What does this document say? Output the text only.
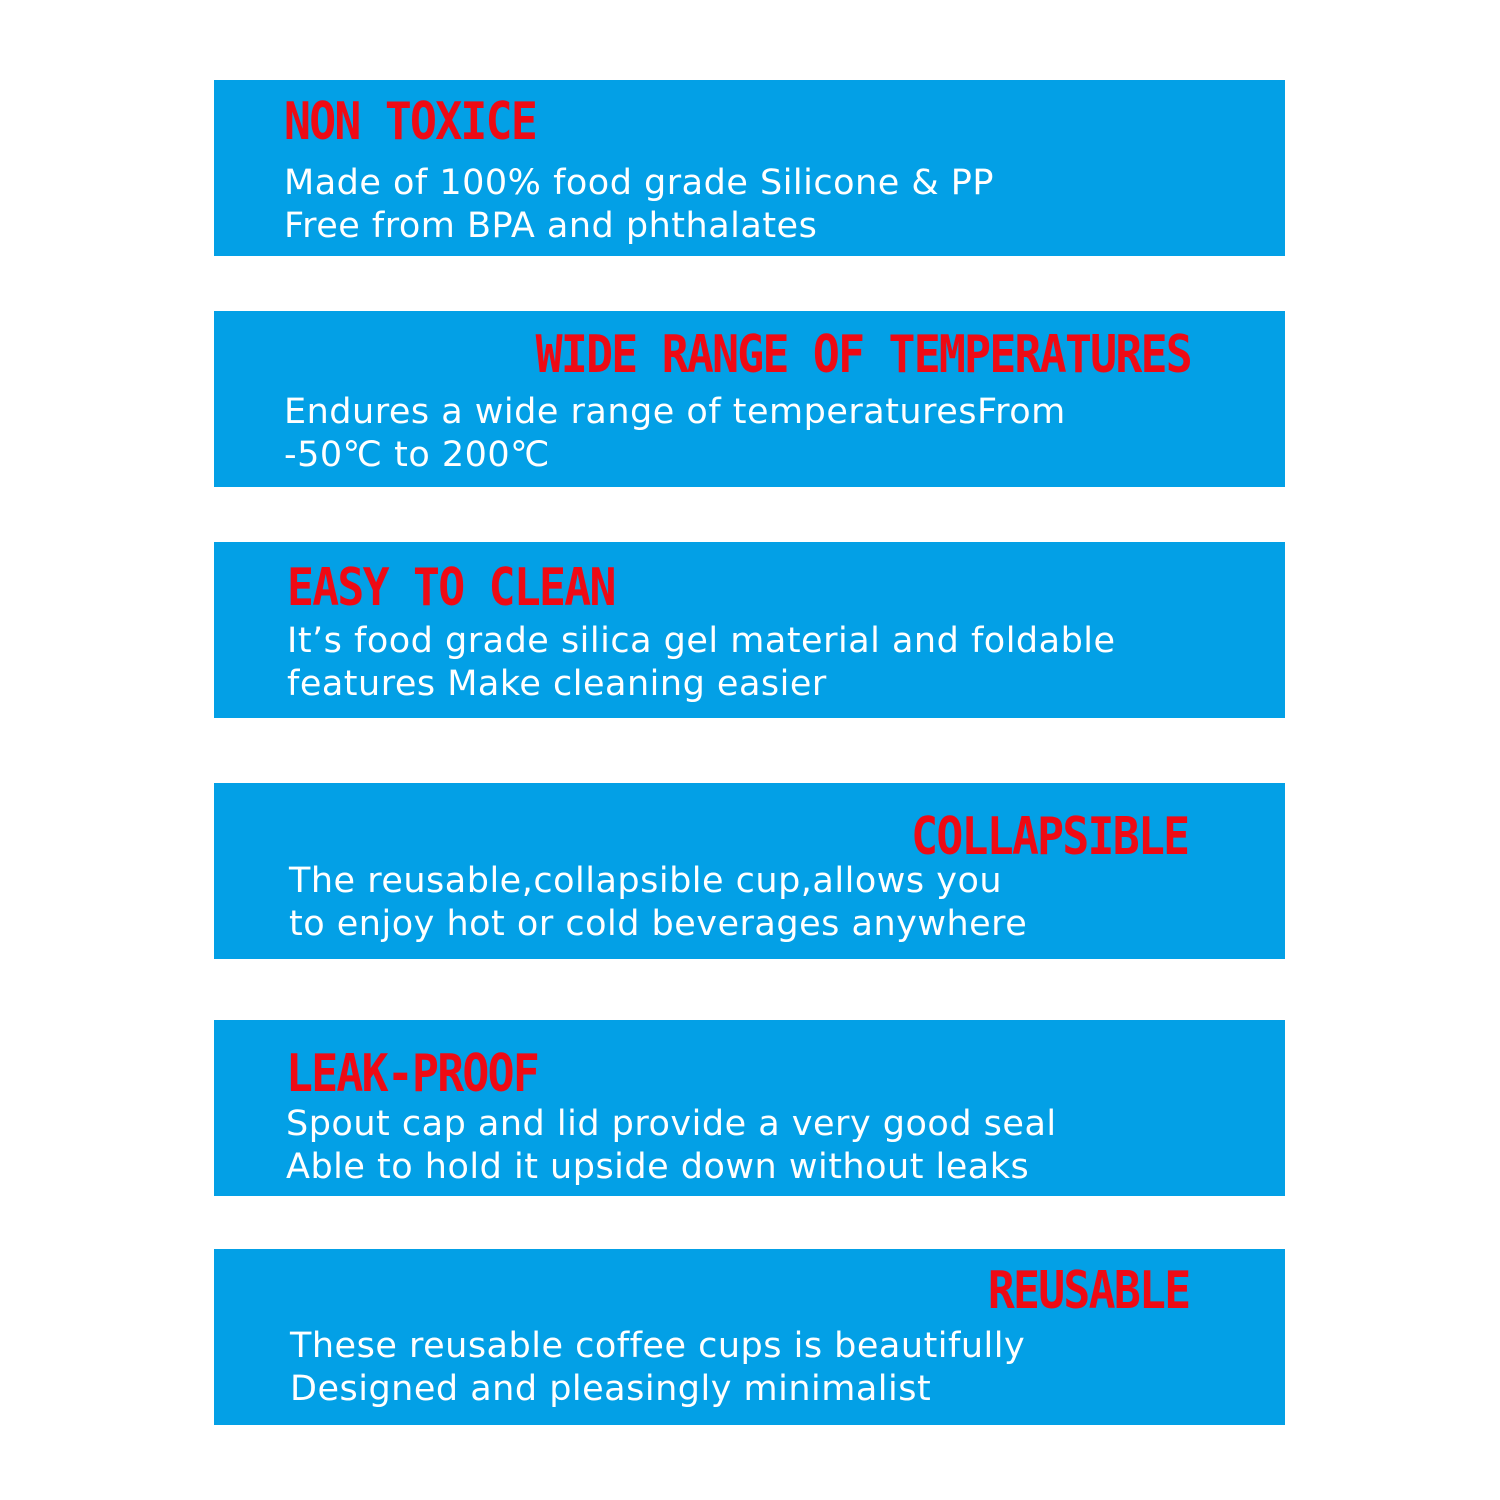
NON TOXICE
Made of 100% food grade Silicone & PP
Free from BPA and phthalates
WIDE RANGE OF TEMPERATURES
Endures a wide range of temperaturesFrom
-50℃ to 200℃
EASY TO CLEAN
It’s food grade silica gel material and foldable
features Make cleaning easier
COLLAPSIBLE
The reusable,collapsible cup,allows you
to enjoy hot or cold beverages anywhere
LEAK-PROOF
Spout cap and lid provide a very good seal
Able to hold it upside down without leaks
REUSABLE
These reusable coffee cups is beautifully
Designed and pleasingly minimalist
